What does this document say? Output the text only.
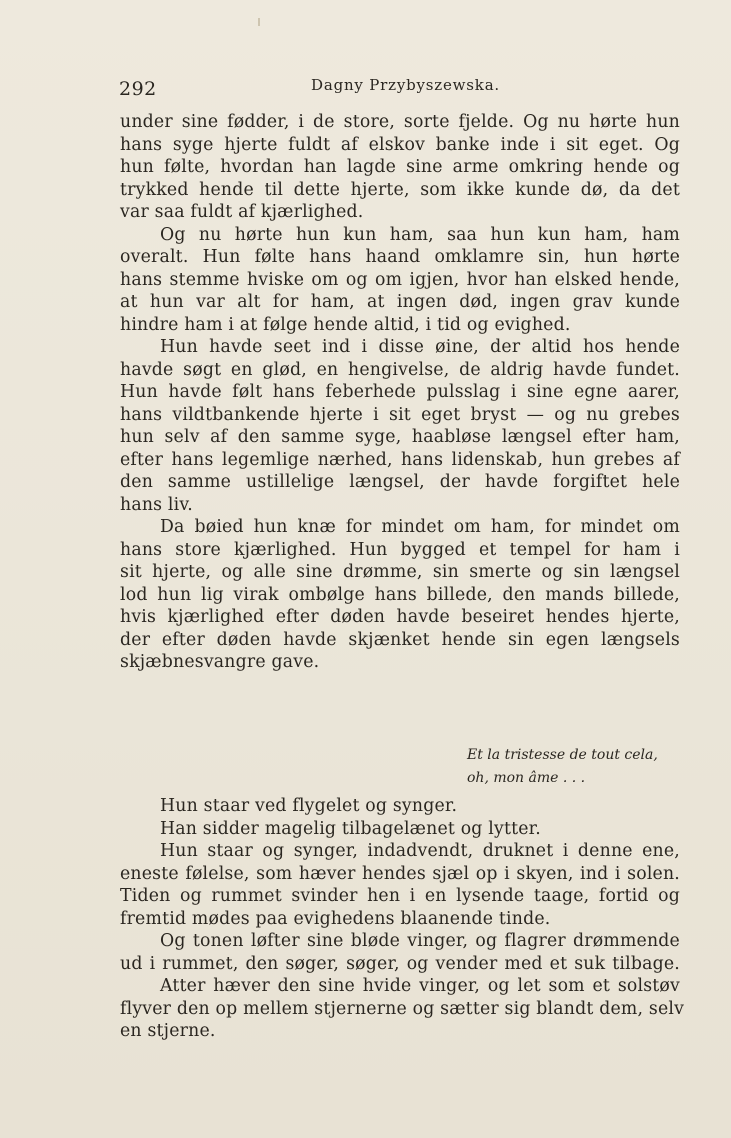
292	Dagny Przybyszewska.
under sine fødder, i de store, sorte fjelde. Og nu hørte hun
hans syge hjerte fuldt af elskov banke inde i sit eget. Og
hun følte, hvordan han lagde sine arme omkring hende og
trykked hende til dette hjerte, som ikke kunde dø, da det
var saa fuldt af kjærlighed.
Og nu hørte hun kun ham, saa hun kun ham, ham
overalt. Hun følte hans haand omklamre sin, hun hørte
hans stemme hviske om og om igjen, hvor han elsked hende,
at hun var alt for ham, at ingen død, ingen grav kunde
hindre ham i at følge hende altid, i tid og evighed.
Hun havde seet ind i disse øine, der altid hos hende
havde søgt en glød, en hengivelse, de aldrig havde fundet.
Hun havde følt hans feberhede pulsslag i sine egne aarer,
hans vildtbankende hjerte i sit eget bryst — og nu grebes
hun selv af den samme syge, haabløse længsel efter ham,
efter hans legemlige nærhed, hans lidenskab, hun grebes af
den samme ustillelige længsel, der havde forgiftet hele
hans liv.
Da bøied hun knæ for mindet om ham, for mindet om
hans store kjærlighed. Hun bygged et tempel for ham i
sit hjerte, og alle sine drømme, sin smerte og sin længsel
lod hun lig virak ombølge hans billede, den mands billede,
hvis kjærlighed efter døden havde beseiret hendes hjerte,
der efter døden havde skjænket hende sin egen længsels
skjæbnesvangre gave.
Et la tristesse de tout cela,
oh, mon âme . . .
Hun staar ved flygelet og synger.
Han sidder magelig tilbagelænet og lytter.
Hun staar og synger, indadvendt, druknet i denne ene,
eneste følelse, som hæver hendes sjæl op i skyen, ind i solen.
Tiden og rummet svinder hen i en lysende taage, fortid og
fremtid mødes paa evighedens blaanende tinde.
Og tonen løfter sine bløde vinger, og flagrer drømmende
ud i rummet, den søger, søger, og vender med et suk tilbage.
Atter hæver den sine hvide vinger, og let som et solstøv
flyver den op mellem stjernerne og sætter sig blandt dem, selv
en stjerne.
